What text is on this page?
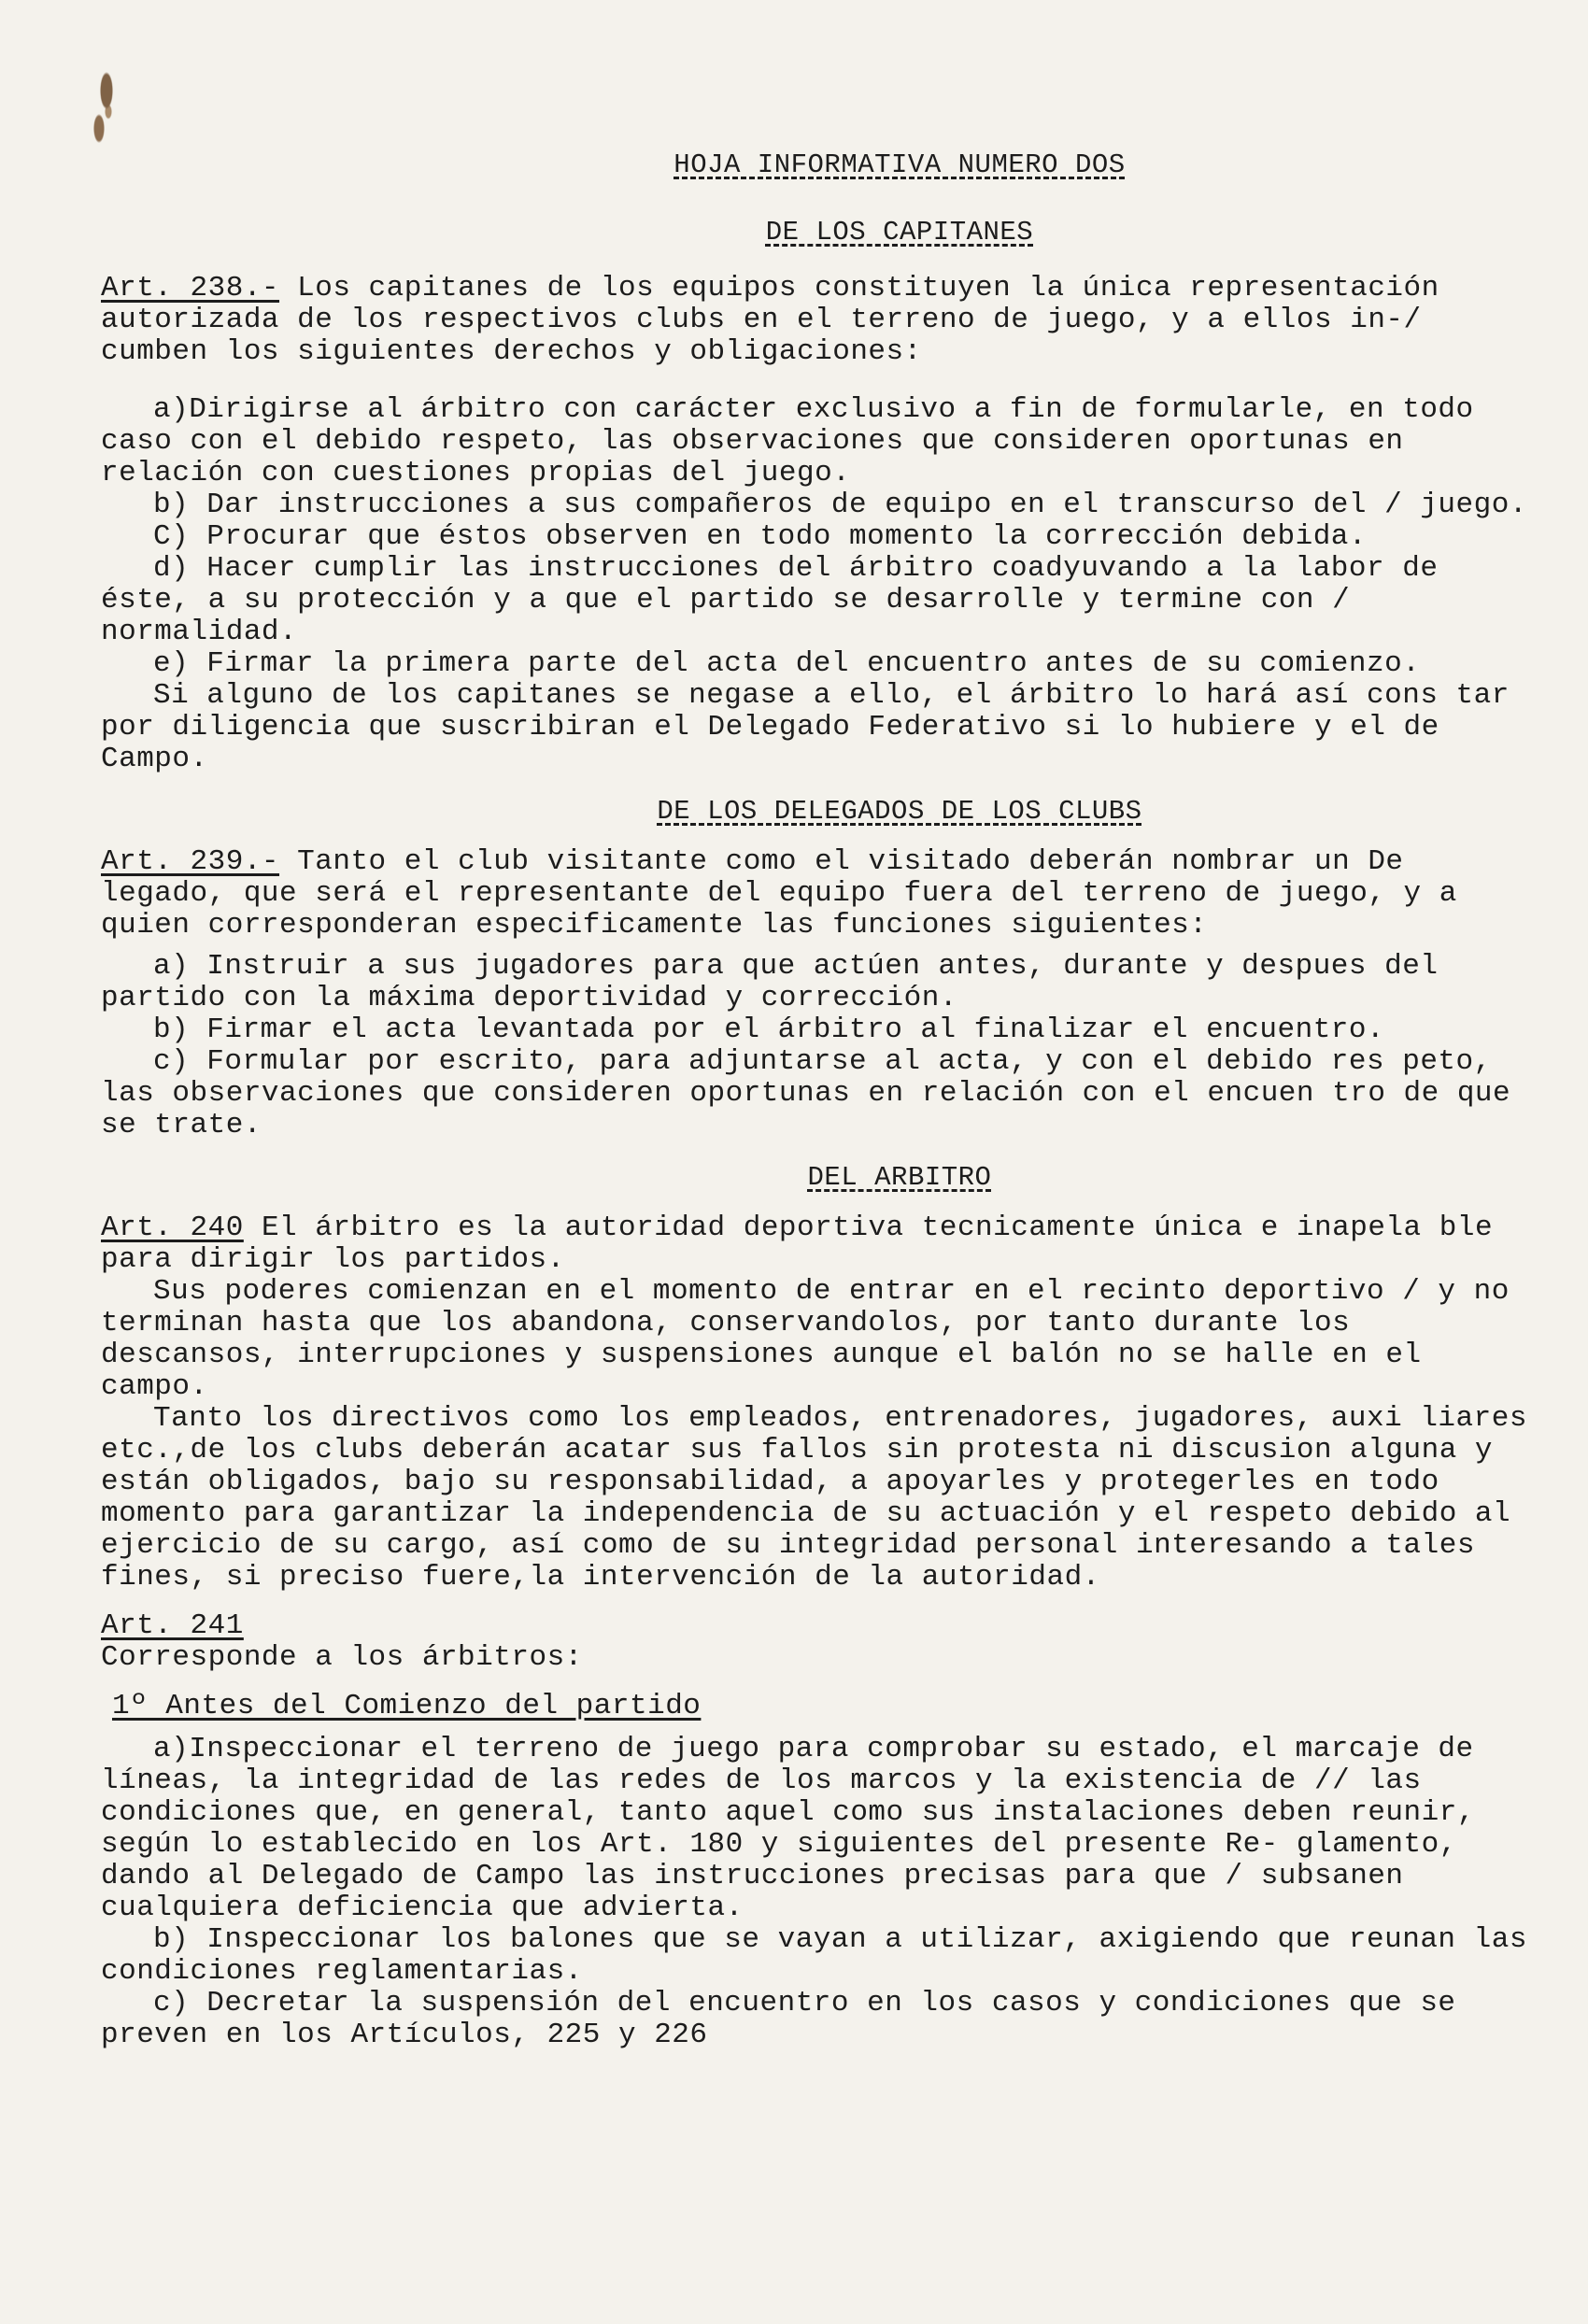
HOJA INFORMATIVA NUMERO DOS

DE LOS CAPITANES

Art. 238.- Los capitanes de los equipos constituyen la única representación autorizada de los respectivos clubs en el terreno de juego, y a ellos in-/ cumben los siguientes derechos y obligaciones:

a)Dirigirse al árbitro con carácter exclusivo a fin de formularle, en todo caso con el debido respeto, las observaciones que consideren oportunas en relación con cuestiones propias del juego.

b) Dar instrucciones a sus compañeros de equipo en el transcurso del / juego.

C) Procurar que éstos observen en todo momento la corrección debida.

d) Hacer cumplir las instrucciones del árbitro coadyuvando a la labor de éste, a su protección y a que el partido se desarrolle y termine con / normalidad.

e) Firmar la primera parte del acta del encuentro antes de su comienzo.

Si alguno de los capitanes se negase a ello, el árbitro lo hará así cons tar por diligencia que suscribiran el Delegado Federativo si lo hubiere y el de Campo.

DE LOS DELEGADOS DE LOS CLUBS

Art. 239.- Tanto el club visitante como el visitado deberán nombrar un De legado, que será el representante del equipo fuera del terreno de juego, y a quien corresponderan especificamente las funciones siguientes:

a) Instruir a sus jugadores para que actúen antes, durante y despues del partido con la máxima deportividad y corrección.

b) Firmar el acta levantada por el árbitro al finalizar el encuentro.

c) Formular por escrito, para adjuntarse al acta, y con el debido res peto, las observaciones que consideren oportunas en relación con el encuen tro de que se trate.

DEL ARBITRO

Art. 240 El árbitro es la autoridad deportiva tecnicamente única e inapela ble para dirigir los partidos.

Sus poderes comienzan en el momento de entrar en el recinto deportivo / y no terminan hasta que los abandona, conservandolos, por tanto durante los descansos, interrupciones y suspensiones aunque el balón no se halle en el campo.

Tanto los directivos como los empleados, entrenadores, jugadores, auxi liares etc.,de los clubs deberán acatar sus fallos sin protesta ni discusion alguna y están obligados, bajo su responsabilidad, a apoyarles y protegerles en todo momento para garantizar la independencia de su actuación y el respeto debido al ejercicio de su cargo, así como de su integridad personal interesando a tales fines, si preciso fuere,la intervención de la autoridad.

Art. 241

Corresponde a los árbitros:

1º Antes del Comienzo del partido

a)Inspeccionar el terreno de juego para comprobar su estado, el marcaje de líneas, la integridad de las redes de los marcos y la existencia de // las condiciones que, en general, tanto aquel como sus instalaciones deben reunir, según lo establecido en los Art. 180 y siguientes del presente Re- glamento, dando al Delegado de Campo las instrucciones precisas para que / subsanen cualquiera deficiencia que advierta.

b) Inspeccionar los balones que se vayan a utilizar, axigiendo que reunan las condiciones reglamentarias.

c) Decretar la suspensión del encuentro en los casos y condiciones que se preven en los Artículos, 225 y 226
